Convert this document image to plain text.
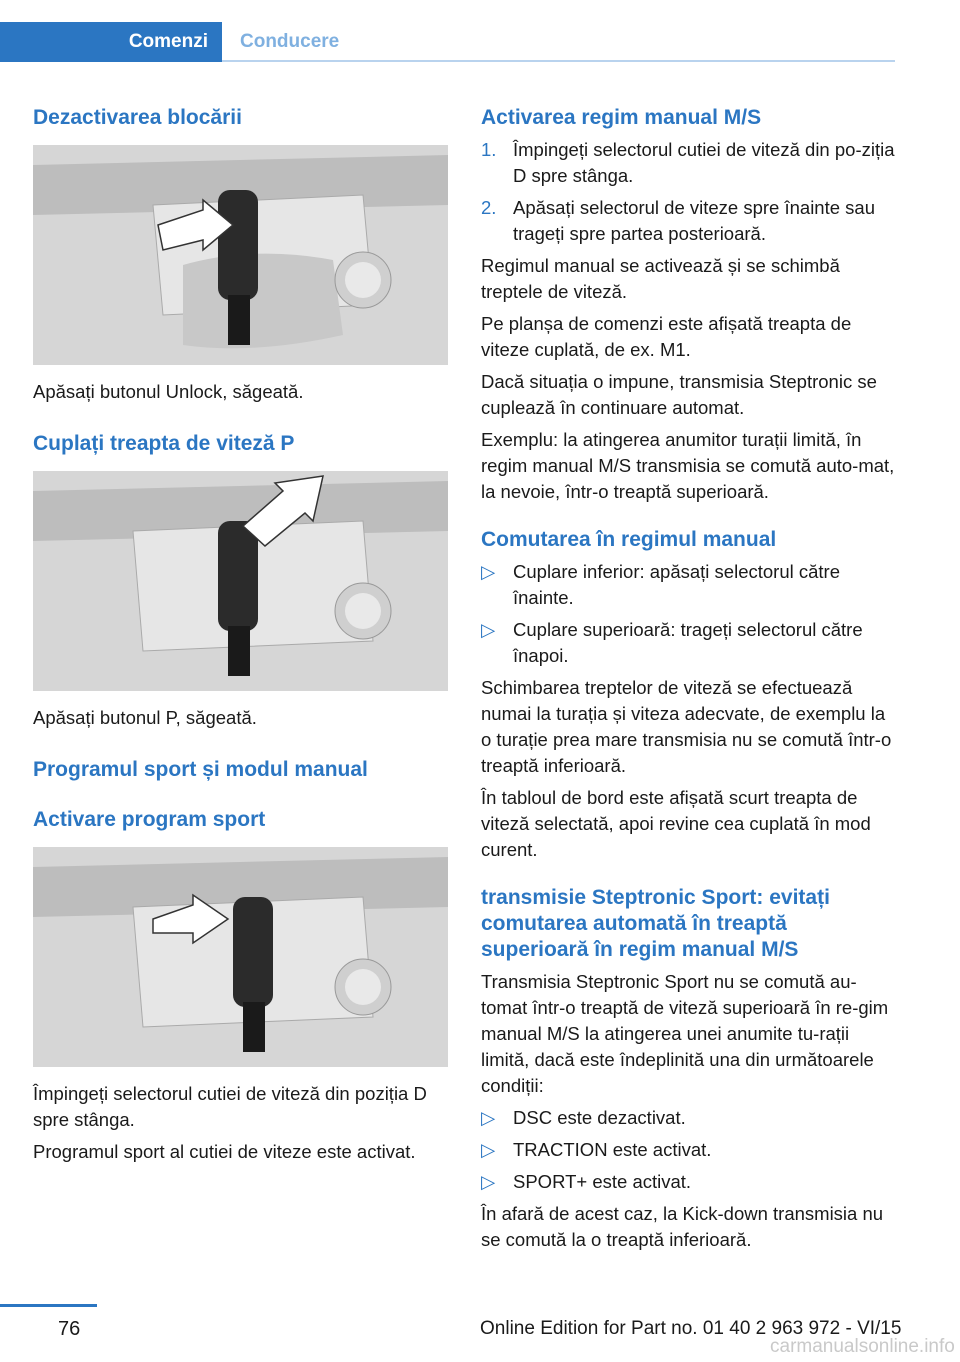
Comenzi Conducere
Dezactivarea blocării

Apăsați butonul Unlock, săgeată.

Cuplați treapta de viteză P

Apăsați butonul P, săgeată.

Programul sport și modul manual
Activare program sport

Împingeți selectorul cutiei de viteză din poziția D spre stânga.

Programul sport al cutiei de viteze este activat.

Activarea regim manual M/S
1. Împingeți selectorul cutiei de viteză din po-ziția D spre stânga.
2. Apăsați selectorul de viteze spre înainte sau trageți spre partea posterioară.

Regimul manual se activează și se schimbă treptele de viteză.

Pe planșa de comenzi este afișată treapta de viteze cuplată, de ex. M1.

Dacă situația o impune, transmisia Steptronic se cuplează în continuare automat.

Exemplu: la atingerea anumitor turații limită, în regim manual M/S transmisia se comută auto-mat, la nevoie, într-o treaptă superioară.

Comutarea în regimul manual
▷ Cuplare inferior: apăsați selectorul către înainte.
▷ Cuplare superioară: trageți selectorul către înapoi.

Schimbarea treptelor de viteză se efectuează numai la turația și viteza adecvate, de exemplu la o turație prea mare transmisia nu se comută într-o treaptă inferioară.

În tabloul de bord este afișată scurt treapta de viteză selectată, apoi revine cea cuplată în mod curent.

transmisie Steptronic Sport: evitați comutarea automată în treaptă superioară în regim manual M/S

Transmisia Steptronic Sport nu se comută au-tomat într-o treaptă de viteză superioară în re-gim manual M/S la atingerea unei anumite tu-rații limită, dacă este îndeplinită una din următoarele condiții:

▷ DSC este dezactivat.
▷ TRACTION este activat.
▷ SPORT+ este activat.

În afară de acest caz, la Kick-down transmisia nu se comută la o treaptă inferioară.

76	Online Edition for Part no. 01 40 2 963 972 - VI/15
carmanualsonline.info
